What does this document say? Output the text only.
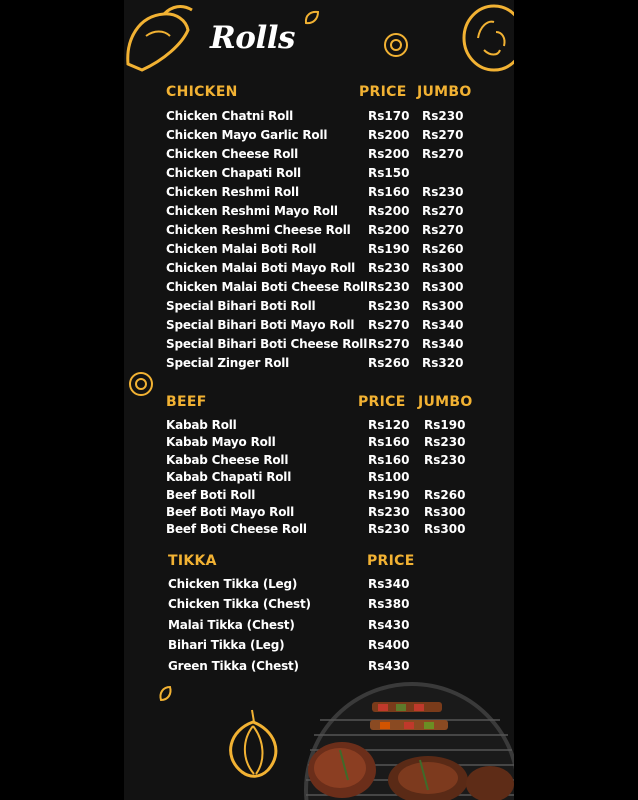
Rolls
CHICKEN	PRICE JUMBO
Chicken Chatni Roll	Rs170 Rs230
Chicken Mayo Garlic Roll	Rs200 Rs270
Chicken Cheese Roll	Rs200 Rs270
Chicken Chapati Roll	Rs150
Chicken Reshmi Roll	Rs160 Rs230
Chicken Reshmi Mayo Roll	Rs200 Rs270
Chicken Reshmi Cheese Roll Rs200 Rs270
Chicken Malai Boti Roll	Rs190 Rs260
Chicken Malai Boti Mayo Roll Rs230 Rs300
Chicken Malai Boti Cheese Roll Rs230 Rs300
Special Bihari Boti Roll	Rs230 Rs300
Special Bihari Boti Mayo Roll Rs270 Rs340
Special Bihari Boti Cheese Roll Rs270 Rs340
Special Zinger Roll	Rs260 Rs320
BEEF	PRICE JUMBO
Kabab Roll	Rs120 Rs190
Kabab Mayo Roll	Rs160 Rs230
Kabab Cheese Roll	Rs160 Rs230
Kabab Chapati Roll	Rs100
Beef Boti Roll	Rs190 Rs260
Beef Boti Mayo Roll	Rs230 Rs300
Beef Boti Cheese Roll	Rs230 Rs300
TIKKA	PRICE
Chicken Tikka (Leg)	Rs340
Chicken Tikka (Chest)	Rs380
Malai Tikka (Chest)	Rs430
Bihari Tikka (Leg)	Rs400
Green Tikka (Chest)	Rs430
